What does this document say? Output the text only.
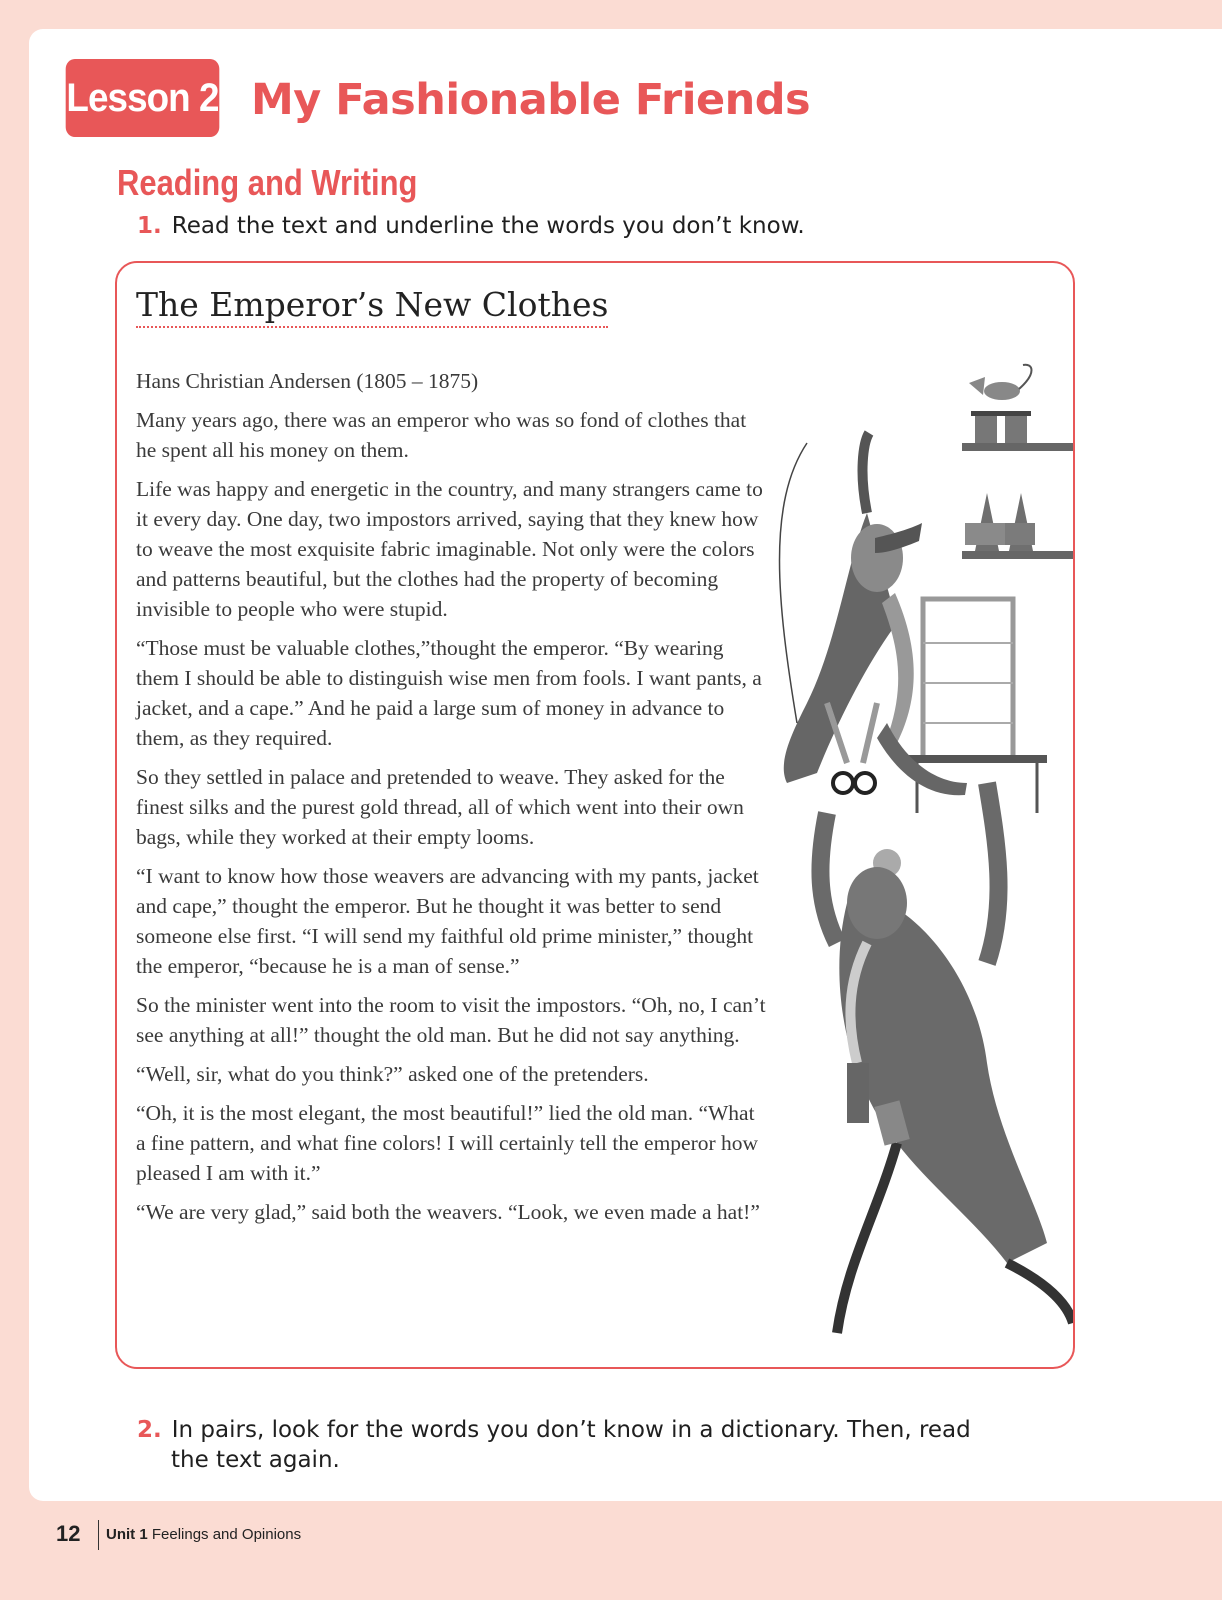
Lesson 2 My Fashionable Friends
Reading and Writing
1. Read the text and underline the words you don’t know.
The Emperor’s New Clothes

Hans Christian Andersen (1805 – 1875)

Many years ago, there was an emperor who was so fond of clothes that he spent all his money on them.

Life was happy and energetic in the country, and many strangers came to it every day. One day, two impostors arrived, saying that they knew how to weave the most exquisite fabric imaginable. Not only were the colors and patterns beautiful, but the clothes had the property of becoming invisible to people who were stupid.

“Those must be valuable clothes,”thought the emperor. “By wearing them I should be able to distinguish wise men from fools. I want pants, a jacket, and a cape.” And he paid a large sum of money in advance to them, as they required.

So they settled in palace and pretended to weave. They asked for the finest silks and the purest gold thread, all of which went into their own bags, while they worked at their empty looms.

“I want to know how those weavers are advancing with my pants, jacket and cape,” thought the emperor. But he thought it was better to send someone else first. “I will send my faithful old prime minister,” thought the emperor, “because he is a man of sense.”

So the minister went into the room to visit the impostors. “Oh, no, I can’t see anything at all!” thought the old man. But he did not say anything.

“Well, sir, what do you think?” asked one of the pretenders.

“Oh, it is the most elegant, the most beautiful!” lied the old man. “What a fine pattern, and what fine colors! I will certainly tell the emperor how pleased I am with it.”

“We are very glad,” said both the weavers. “Look, we even made a hat!”

2. In pairs, look for the words you don’t know in a dictionary. Then, read the text again.
12 Unit 1 Feelings and Opinions
